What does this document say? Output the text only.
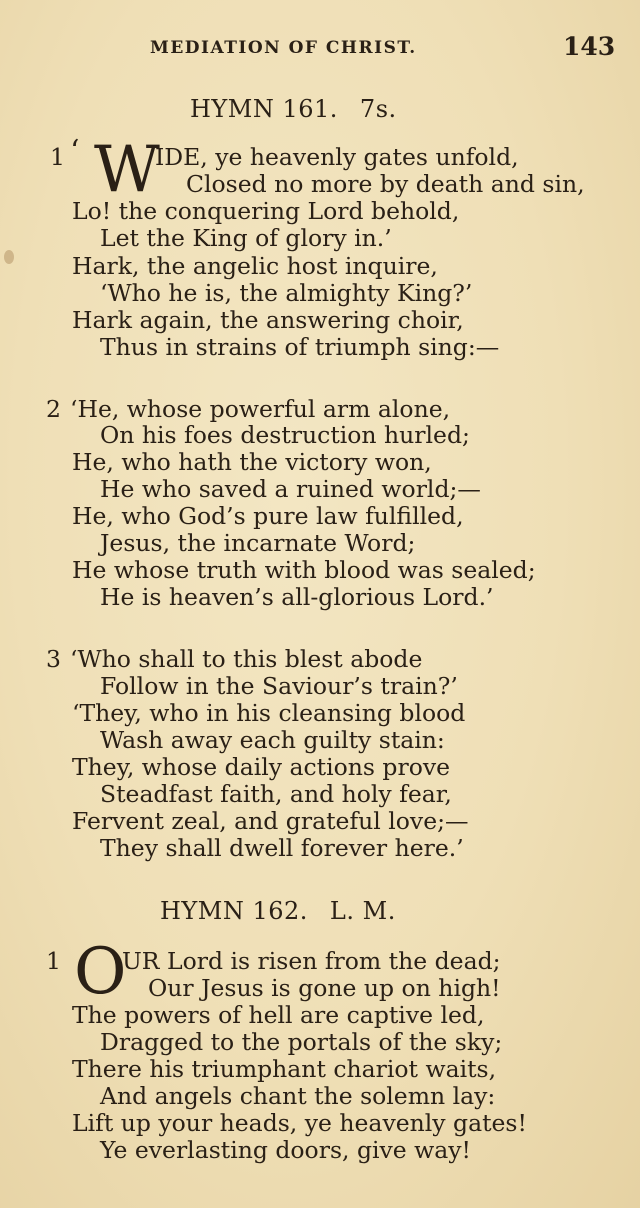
MEDIATION OF CHRIST.	143
HYMN 161. 7s.
1 ‘ W
IDE, ye heavenly gates unfold,
Closed no more by death and sin,
Lo! the conquering Lord behold,
Let the King of glory in.’
Hark, the angelic host inquire,
‘Who he is, the almighty King?’
Hark again, the answering choir,
Thus in strains of triumph sing:—
2 ‘He, whose powerful arm alone,
On his foes destruction hurled;
He, who hath the victory won,
He who saved a ruined world;—
He, who God’s pure law fulfilled,
Jesus, the incarnate Word;
He whose truth with blood was sealed;
He is heaven’s all-glorious Lord.’
3 ‘Who shall to this blest abode
Follow in the Saviour’s train?’
‘They, who in his cleansing blood
Wash away each guilty stain:
They, whose daily actions prove
Steadfast faith, and holy fear,
Fervent zeal, and grateful love;—
They shall dwell forever here.’
HYMN 162. L. M.
1 O
UR Lord is risen from the dead;
Our Jesus is gone up on high!
The powers of hell are captive led,
Dragged to the portals of the sky;
There his triumphant chariot waits,
And angels chant the solemn lay:
Lift up your heads, ye heavenly gates!
Ye everlasting doors, give way!
